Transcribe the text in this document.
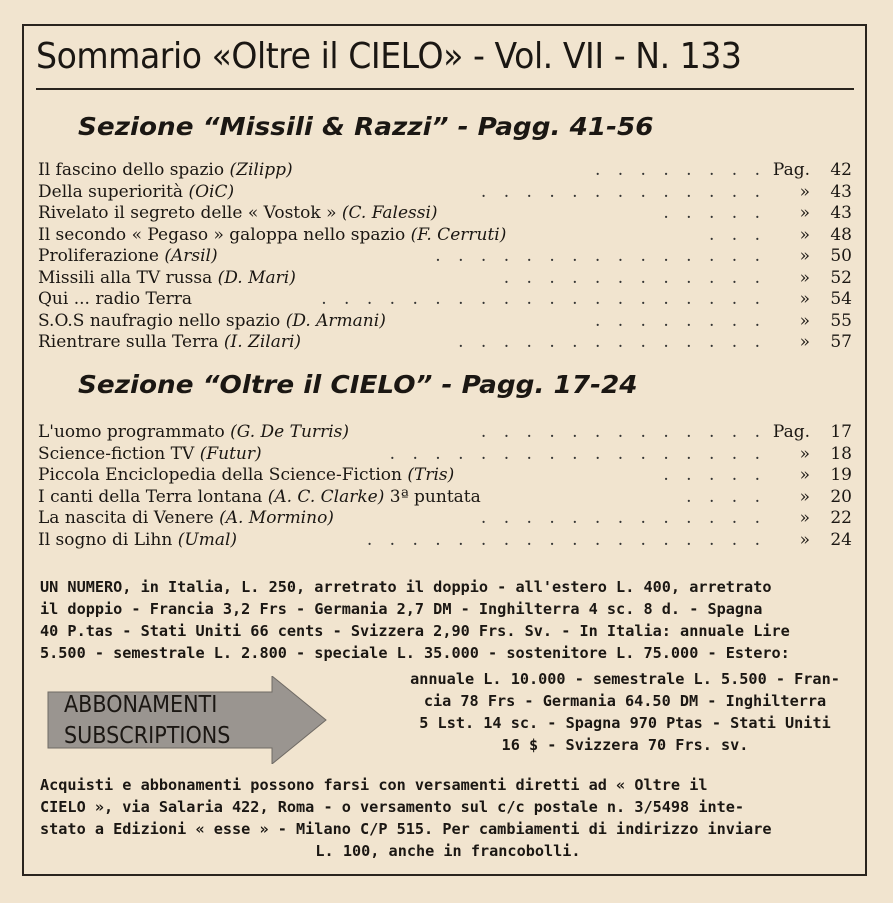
Sommario «Oltre il CIELO» - Vol. VII - N. 133
Sezione “Missili & Razzi” - Pagg. 41-56
Il fascino dello spazio (Zilipp)	. . . . . . . . Pag.	42
Della superiorità (OiC)	. . . . . . . . . . . . . »	43
Rivelato il segreto delle « Vostok » (C. Falessi)	. . . . . »	43
Il secondo « Pegaso » galoppa nello spazio (F. Cerruti)	. . . »	48
Proliferazione (Arsil)	. . . . . . . . . . . . . . . »	50
Missili alla TV russa (D. Mari)	. . . . . . . . . . . . »	52
Qui ... radio Terra	. . . . . . . . . . . . . . . . . . . . »	54
S.O.S naufragio nello spazio (D. Armani)	. . . . . . . . »	55
Rientrare sulla Terra (I. Zilari)	. . . . . . . . . . . . . . »	57
Sezione “Oltre il CIELO” - Pagg. 17-24
L'uomo programmato (G. De Turris)	. . . . . . . . . . . . . Pag.	17
Science-fiction TV (Futur)	. . . . . . . . . . . . . . . . . »	18
Piccola Enciclopedia della Science-Fiction (Tris)	. . . . . »	19
I canti della Terra lontana (A. C. Clarke) 3ª puntata	. . . . »	20
La nascita di Venere (A. Mormino)	. . . . . . . . . . . . . »	22
Il sogno di Lihn (Umal)	. . . . . . . . . . . . . . . . . . »	24
UN NUMERO, in Italia, L. 250, arretrato il doppio - all'estero L. 400, arretrato
il doppio - Francia 3,2 Frs - Germania 2,7 DM - Inghilterra 4 sc. 8 d. - Spagna
40 P.tas - Stati Uniti 66 cents - Svizzera 2,90 Frs. Sv. - In Italia: annuale Lire
5.500 - semestrale L. 2.800 - speciale L. 35.000 - sostenitore L. 75.000 - Estero:
ABBONAMENTI
SUBSCRIPTIONS
annuale L. 10.000 - semestrale L. 5.500 - Fran-
cia 78 Frs - Germania 64.50 DM - Inghilterra
5 Lst. 14 sc. - Spagna 970 Ptas - Stati Uniti
16 $ - Svizzera 70 Frs. sv.
Acquisti e abbonamenti possono farsi con versamenti diretti ad « Oltre il
CIELO », via Salaria 422, Roma - o versamento sul c/c postale n. 3/5498 inte-
stato a Edizioni « esse » - Milano C/P 515. Per cambiamenti di indirizzo inviare
L. 100, anche in francobolli.
